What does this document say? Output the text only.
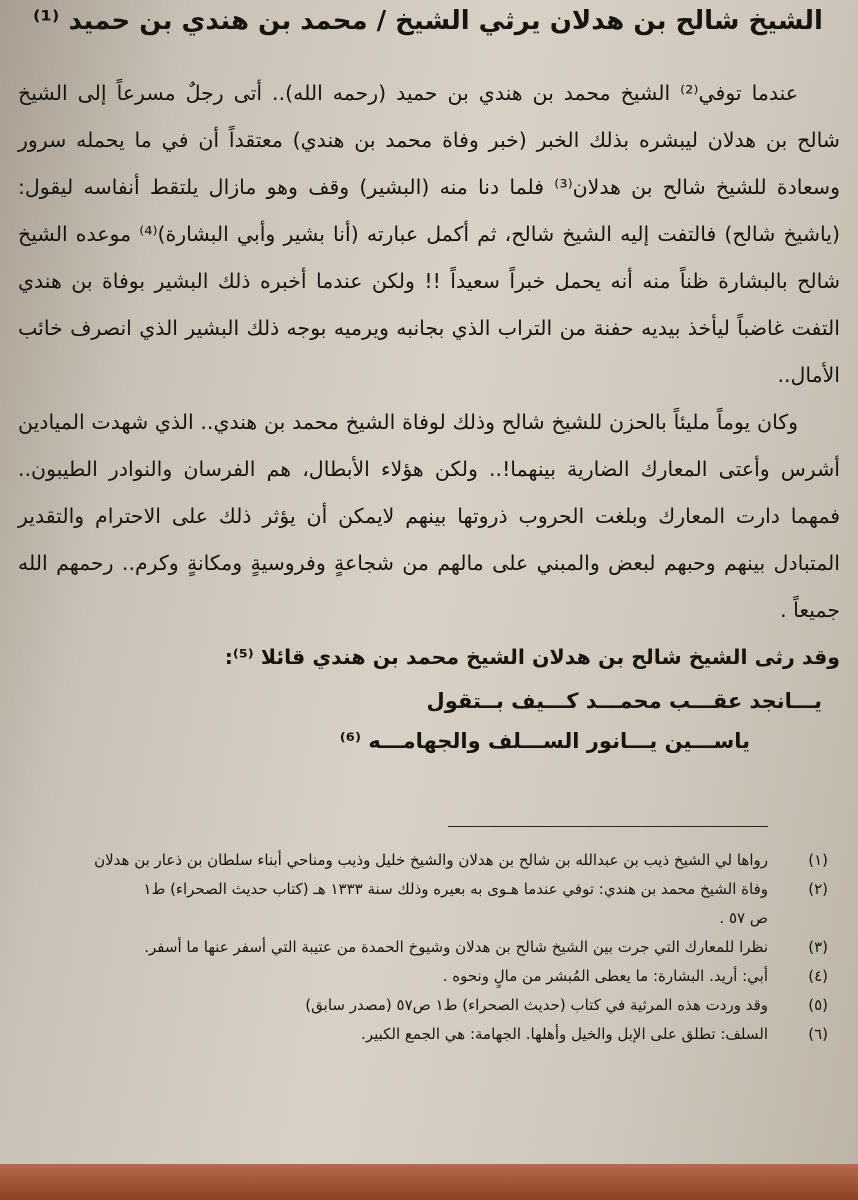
الشيخ شالح بن هدلان يرثي الشيخ / محمد بن هندي بن حميد ⁽¹⁾

عندما توفي⁽²⁾ الشيخ محمد بن هندي بن حميد (رحمه الله).. أتى رجلٌ مسرعاً إلى الشيخ شالح بن هدلان ليبشره بذلك الخبر (خبر وفاة محمد بن هندي) معتقداً أن في ما يحمله سرور وسعادة للشيخ شالح بن هدلان⁽³⁾ فلما دنا منه (البشير) وقف وهو مازال يلتقط أنفاسه ليقول: (ياشيخ شالح) فالتفت إليه الشيخ شالح، ثم أكمل عبارته (أنا بشير وأبي البشارة)⁽⁴⁾ موعده الشيخ شالح بالبشارة ظناً منه أنه يحمل خبراً سعيداً !! ولكن عندما أخبره ذلك البشير بوفاة بن هندي التفت غاضباً ليأخذ بيديه حفنة من التراب الذي بجانبه ويرميه بوجه ذلك البشير الذي انصرف خائب الأمال..

وكان يوماً مليئاً بالحزن للشيخ شالح وذلك لوفاة الشيخ محمد بن هندي.. الذي شهدت الميادين أشرس وأعتى المعارك الضارية بينهما!.. ولكن هؤلاء الأبطال، هم الفرسان والنوادر الطيبون.. فمهما دارت المعارك وبلغت الحروب ذروتها بينهم لايمكن أن يؤثر ذلك على الاحترام والتقدير المتبادل بينهم وحبهم لبعض والمبني على مالهم من شجاعةٍ وفروسيةٍ ومكانةٍ وكرم.. رحمهم الله جميعاً .

وقد رثى الشيخ شالح بن هدلان الشيخ محمد بن هندي قائلا ⁽⁵⁾:

يـــانجد عقـــب محمـــد كـــيف بــتقول
ياســـين يـــانور الســـلف والجهامـــه ⁽⁶⁾
(١)
رواها لي الشيخ ذيب بن عبدالله بن شالح بن هدلان والشيخ خليل وذيب ومناحي أبناء سلطان بن ذعار بن هدلان
(٢)
وفاة الشيخ محمد بن هندي: توفي عندما هـوى به بعيره وذلك سنة ١٣٣٣ هـ (كتاب حديث الصحراء) ط١
ص ٥٧ .
(٣)
نظرا للمعارك التي جرت بين الشيخ شالح بن هدلان وشيوخ الحمدة من عتيبة التي أسفر عنها ما أسفر.
(٤)
أبي: أريد. البشارة: ما يعطى المُبشر من مالٍ ونحوه .
(٥)
وقد وردت هذه المرثية في كتاب (حديث الصحراء) ط١ ص٥٧ (مصدر سابق)
(٦)
السلف: تطلق على الإبل والخيل وأهلها. الجهامة: هي الجمع الكبير.
